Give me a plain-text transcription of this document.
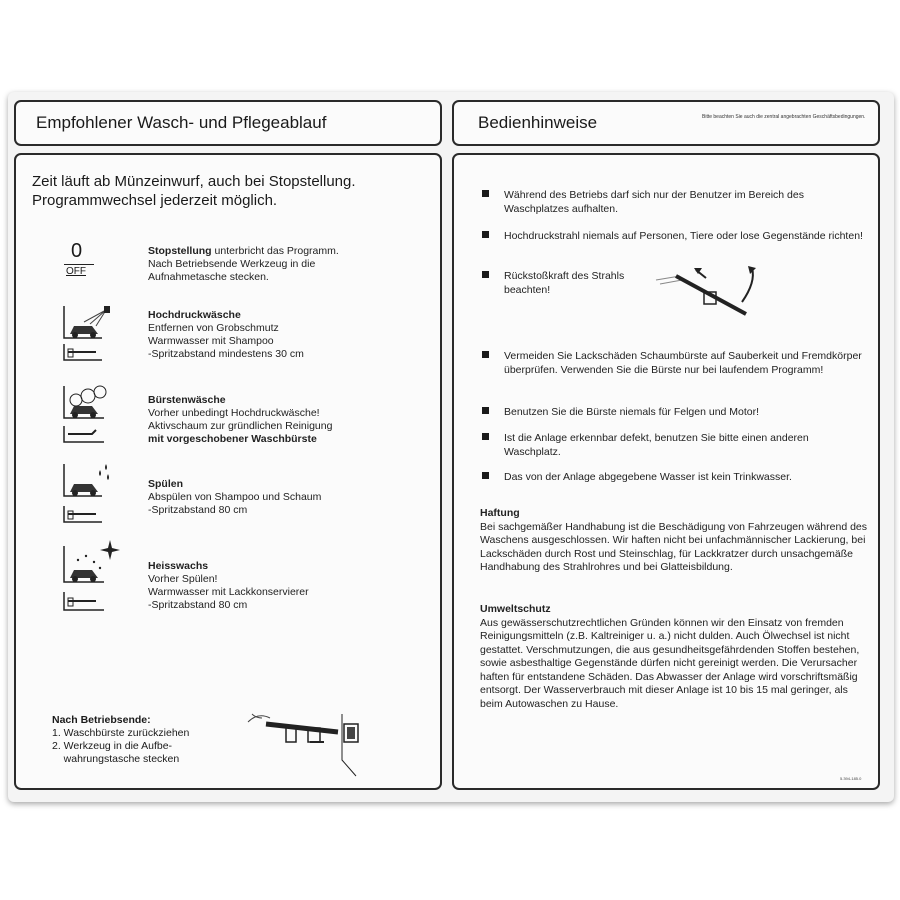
Empfohlener Wasch- und Pflegeablauf	Bedienhinweise	Bitte beachten Sie auch die zentral angebrachten Geschäftsbedingungen.
Zeit läuft ab Münzeinwurf, auch bei Stopstellung.
Programmwechsel jederzeit möglich.
0
OFF
Stopstellung unterbricht das Programm.
Nach Betriebsende Werkzeug in die
Aufnahmetasche stecken.
Hochdruckwäsche
Entfernen von Grobschmutz
Warmwasser mit Shampoo
-Spritzabstand mindestens 30 cm
Bürstenwäsche
Vorher unbedingt Hochdruckwäsche!
Aktivschaum zur gründlichen Reinigung
mit vorgeschobener Waschbürste
Spülen
Abspülen von Shampoo und Schaum
-Spritzabstand 80 cm
Heisswachs
Vorher Spülen!
Warmwasser mit Lackkonservierer
-Spritzabstand 80 cm
Nach Betriebsende:
1. Waschbürste zurückziehen
2. Werkzeug in die Aufbe-
wahrungstasche stecken
Während des Betriebs darf sich nur der Benutzer im Bereich des Waschplatzes aufhalten.
Hochdruckstrahl niemals auf Personen, Tiere oder lose Gegenstände richten!
Rückstoßkraft des Strahls beachten!
Vermeiden Sie Lackschäden Schaumbürste auf Sauberkeit und Fremdkörper überprüfen. Verwenden Sie die Bürste nur bei laufendem Programm!
Benutzen Sie die Bürste niemals für Felgen und Motor!
Ist die Anlage erkennbar defekt, benutzen Sie bitte einen anderen Waschplatz.
Das von der Anlage abgegebene Wasser ist kein Trinkwasser.
Haftung
Bei sachgemäßer Handhabung ist die Beschädigung von Fahrzeugen während des Waschens ausgeschlossen. Wir haften nicht bei unfachmännischer Lackierung, bei Lackschäden durch Rost und Steinschlag, für Lackkratzer durch unsachgemäße Handhabung des Strahlrohres und bei Glatteisbildung.
Umweltschutz
Aus gewässerschutzrechtlichen Gründen können wir den Einsatz von fremden Reinigungsmitteln (z.B. Kaltreiniger u. a.) nicht dulden. Auch Ölwechsel ist nicht gestattet. Verschmutzungen, die aus gesundheitsgefährdenden Stoffen bestehen, sowie asbesthaltige Gegenstände dürfen nicht gereinigt werden. Die Verursacher haften für entstandene Schäden. Das Abwasser der Anlage wird vorschriftsmäßig entsorgt. Der Wasserverbrauch mit dieser Anlage ist 10 bis 15 mal geringer, als beim Autowaschen zu Hause.
5.394-185.0
